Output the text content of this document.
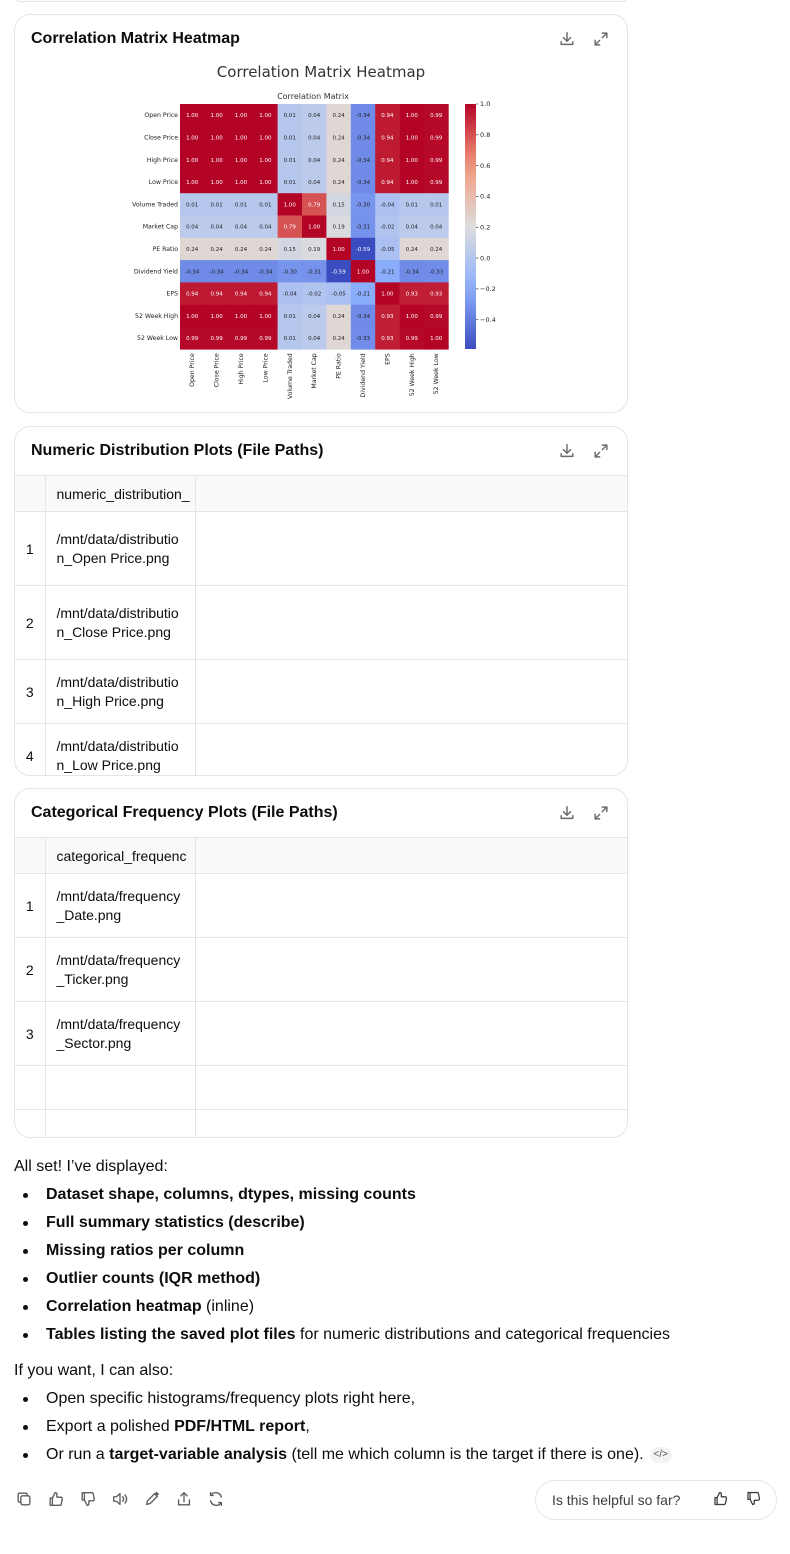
Correlation Matrix Heatmap
Correlation Matrix Heatmap
Correlation Matrix
1.00 1.00 1.00 1.00 0.01 0.04 0.24 -0.34 0.94 1.00 0.99
1.00 1.00 1.00 1.00 0.01 0.04 0.24 -0.34 0.94 1.00 0.99
1.00 1.00 1.00 1.00 0.01 0.04 0.24 -0.34 0.94 1.00 0.99
1.00 1.00 1.00 1.00 0.01 0.04 0.24 -0.34 0.94 1.00 0.99
0.01 0.01 0.01 0.01 1.00 0.79 0.15 -0.30 -0.04 0.01 0.01
0.04 0.04 0.04 0.04 0.79 1.00 0.19 -0.31 -0.02 0.04 0.04
0.24 0.24 0.24 0.24 0.15 0.19 1.00 -0.59 -0.05 0.24 0.24
-0.34 -0.34 -0.34 -0.34 -0.30 -0.31 -0.59 1.00 -0.21 -0.34 -0.33
0.94 0.94 0.94 0.94 -0.04 -0.02 -0.05 -0.21 1.00 0.93 0.93
1.00 1.00 1.00 1.00 0.01 0.04 0.24 -0.34 0.93 1.00 0.99
0.99 0.99 0.99 0.99 0.01 0.04 0.24 -0.33 0.93 0.99 1.00
Open Price
Close Price
High Price
Low Price
Volume Traded
Market Cap
PE Ratio
Dividend Yield
EPS
52 Week High
52 Week Low
Open Price	Close Price	High Price	Low Price	Volume Traded	Market Cap	PE Ratio	Dividend Yield	EPS	52 Week High	52 Week Low
1.0
0.8
0.6
0.4
0.2
0.0
−0.2
−0.4
Numeric Distribution Plots (File Paths)
	numeric_distribution_	
1	/mnt/data/distribution_Open Price.png	
2	/mnt/data/distribution_Close Price.png	
3	/mnt/data/distribution_High Price.png	
4	/mnt/data/distribution_Low Price.png	
Categorical Frequency Plots (File Paths)
	categorical_frequenc	
1	/mnt/data/frequency_Date.png	
2	/mnt/data/frequency_Ticker.png	
3	/mnt/data/frequency_Sector.png	

All set! I’ve displayed:

Dataset shape, columns, dtypes, missing counts
Full summary statistics (describe)
Missing ratios per column
Outlier counts (IQR method)
Correlation heatmap (inline)
Tables listing the saved plot files for numeric distributions and categorical frequencies

If you want, I can also:

Open specific histograms/frequency plots right here,
Export a polished PDF/HTML report,
Or run a target-variable analysis (tell me which column is the target if there is one). </>
Is this helpful so far?
